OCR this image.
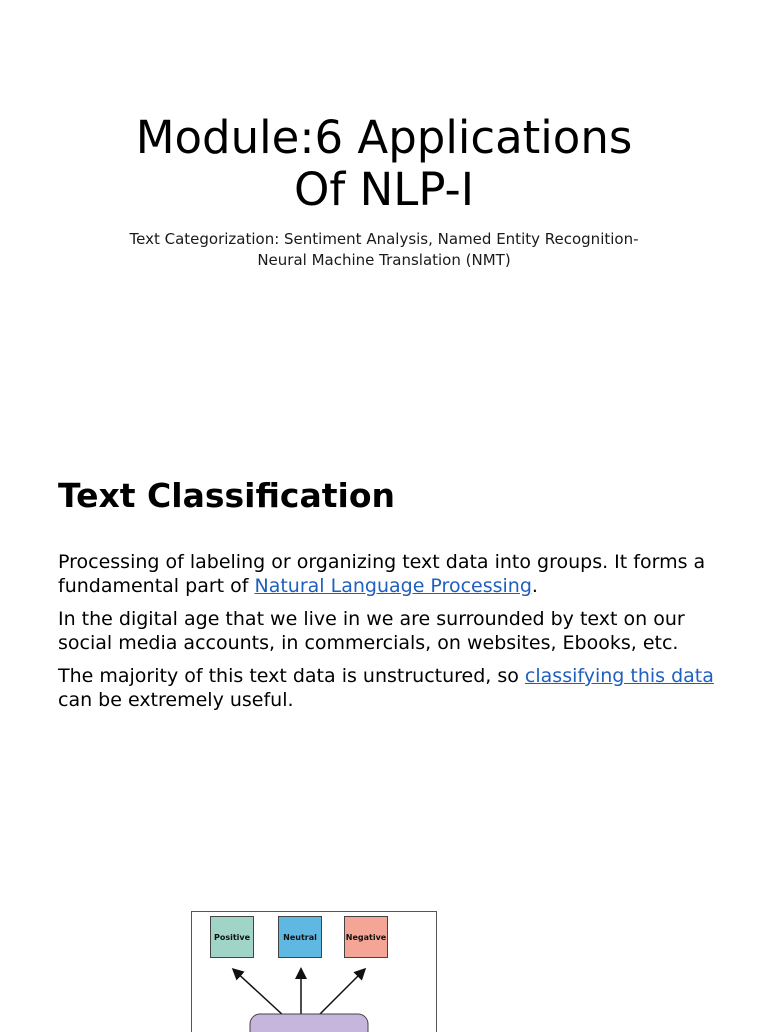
Module:6 Applications
Of NLP-I
Text Categorization: Sentiment Analysis, Named Entity Recognition-
Neural Machine Translation (NMT)
Text Classification

Processing of labeling or organizing text data into groups. It forms a fundamental part of Natural Language Processing.

In the digital age that we live in we are surrounded by text on our social media accounts, in commercials, on websites, Ebooks, etc.

The majority of this text data is unstructured, so classifying this data
can be extremely useful.

Positive	Neutral	Negative
